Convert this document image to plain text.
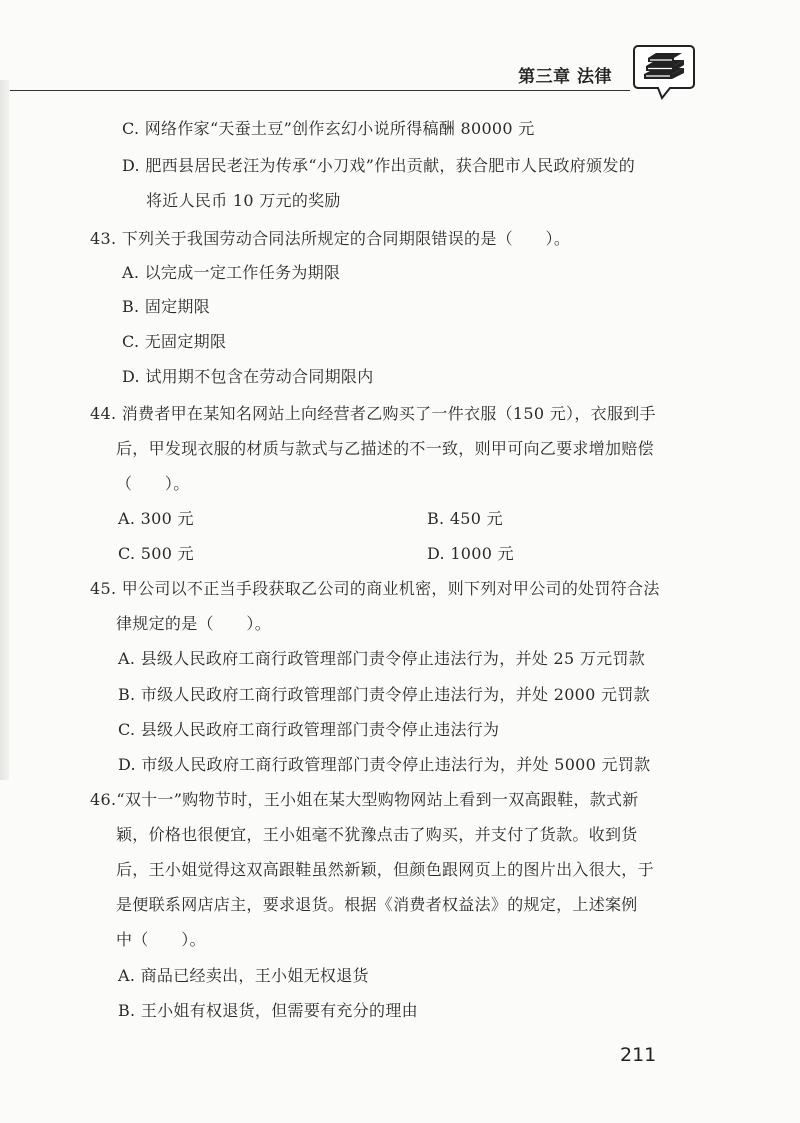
第三章 法律
C. 网络作家“天蚕土豆”创作玄幻小说所得稿酬 80000 元
D. 肥西县居民老汪为传承“小刀戏”作出贡献，获合肥市人民政府颁发的
将近人民币 10 万元的奖励
43. 下列关于我国劳动合同法所规定的合同期限错误的是（　　）。
A. 以完成一定工作任务为期限
B. 固定期限
C. 无固定期限
D. 试用期不包含在劳动合同期限内
44. 消费者甲在某知名网站上向经营者乙购买了一件衣服（150 元），衣服到手
后，甲发现衣服的材质与款式与乙描述的不一致，则甲可向乙要求增加赔偿
（　　）。
A. 300 元	B. 450 元
C. 500 元	D. 1000 元
45. 甲公司以不正当手段获取乙公司的商业机密，则下列对甲公司的处罚符合法
律规定的是（　　）。
A. 县级人民政府工商行政管理部门责令停止违法行为，并处 25 万元罚款
B. 市级人民政府工商行政管理部门责令停止违法行为，并处 2000 元罚款
C. 县级人民政府工商行政管理部门责令停止违法行为
D. 市级人民政府工商行政管理部门责令停止违法行为，并处 5000 元罚款
46.“双十一”购物节时，王小姐在某大型购物网站上看到一双高跟鞋，款式新
颖，价格也很便宜，王小姐毫不犹豫点击了购买，并支付了货款。收到货
后，王小姐觉得这双高跟鞋虽然新颖，但颜色跟网页上的图片出入很大，于
是便联系网店店主，要求退货。根据《消费者权益法》的规定，上述案例
中（　　）。
A. 商品已经卖出，王小姐无权退货
B. 王小姐有权退货，但需要有充分的理由
211
